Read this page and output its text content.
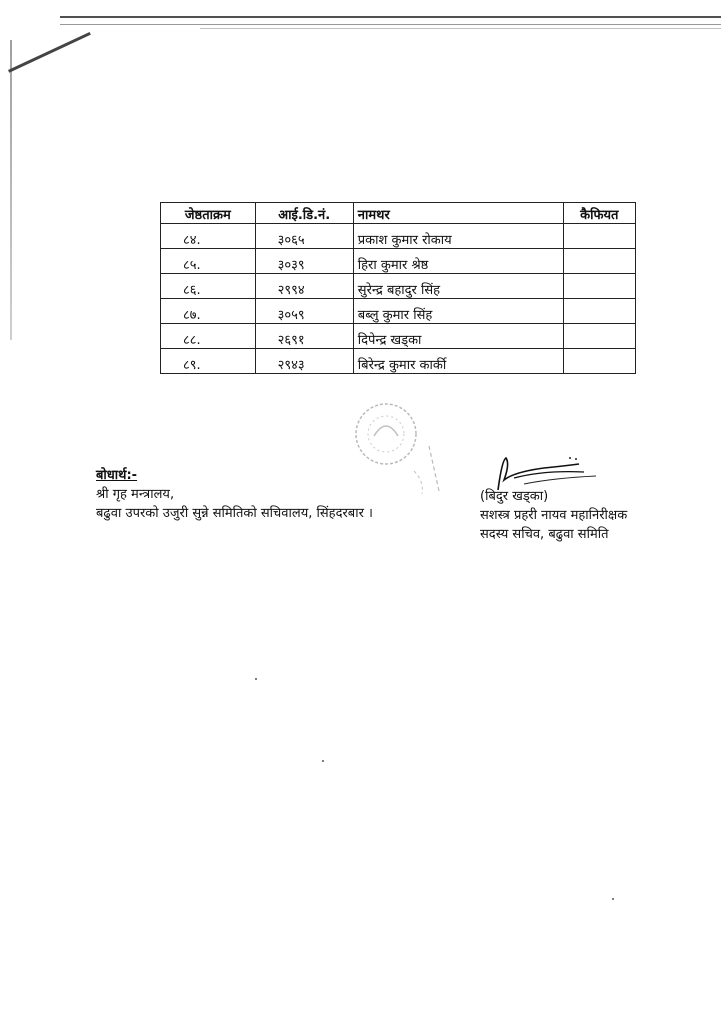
जेष्ठताक्रम	आई.डि.नं.	नामथर	कैफियत
८४.	३०६५	प्रकाश कुमार रोकाय	
८५.	३०३९	हिरा कुमार श्रेष्ठ	
८६.	२९९४	सुरेन्द्र बहादुर सिंह	
८७.	३०५९	बब्लु कुमार सिंह	
८८.	२६९१	दिपेन्द्र खड्का	
८९.	२९४३	बिरेन्द्र कुमार कार्की	
बोधार्थ:-
श्री गृह मन्त्रालय,
बढुवा उपरको उजुरी सुन्ने समितिको सचिवालय, सिंहदरबार ।
(बिदुर खड्का)
सशस्त्र प्रहरी नायव महानिरीक्षक
सदस्य सचिव, बढुवा समिति
